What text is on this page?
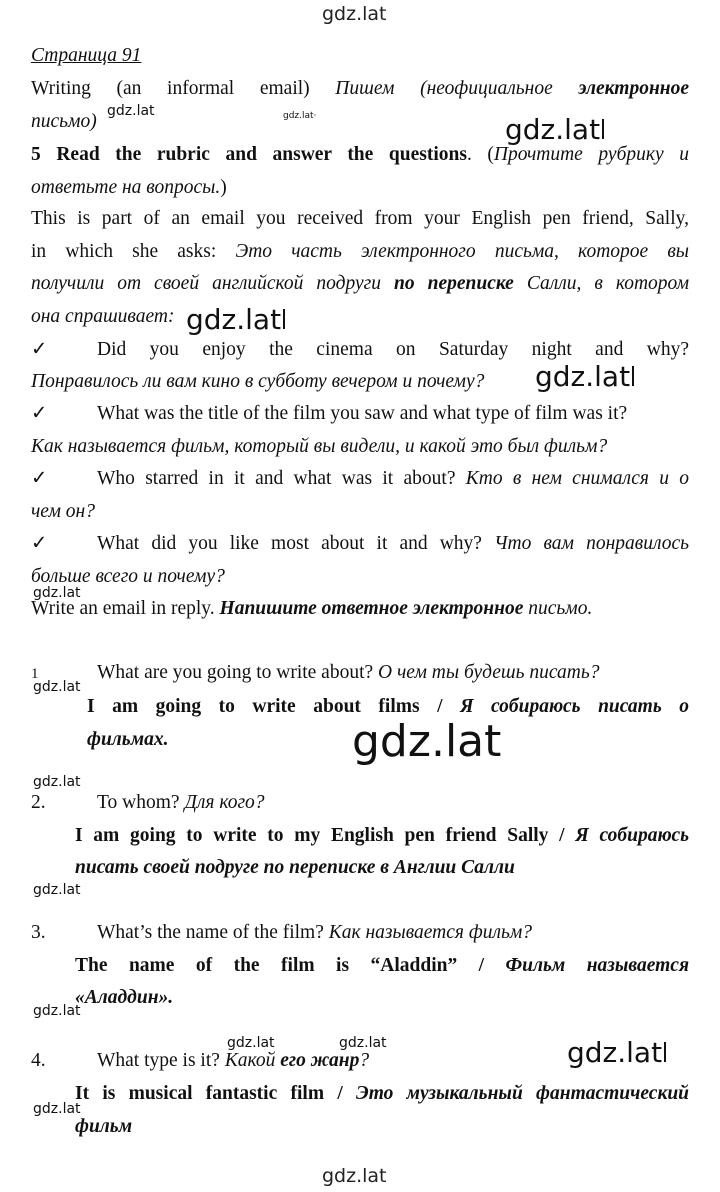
gdz.lat
gdz.lat	gdz.lat·	gdz.lat
gdz.lat
gdz.lat
gdz.lat
gdz.lat
gdz.lat
gdz.lat
gdz.lat
gdz.lat
gdz.lat	gdz.lat	gdz.lat
gdz.lat
gdz.lat
Страница 91
Writing (an informal email) Пишем (неофициальное электронное
письмо)
5 Read the rubric and answer the questions. (Прочтите рубрику и
ответьте на вопросы.)
This is part of an email you received from your English pen friend, Sally,
in which she asks: Это часть электронного письма, которое вы
получили от своей английской подруги по переписке Салли, в котором
она спрашивает:
✓	Did you enjoy the cinema on Saturday night and why?
Понравилось ли вам кино в субботу вечером и почему?
✓	What was the title of the film you saw and what type of film was it?
Как называется фильм, который вы видели, и какой это был фильм?
✓	Who starred in it and what was it about? Кто в нем снимался и о
чем он?
✓	What did you like most about it and why? Что вам понравилось
больше всего и почему?
Write an email in reply. Напишите ответное электронное письмо.
1	What are you going to write about? О чем ты будешь писать?
I am going to write about films / Я собираюсь писать о
фильмах.
2.	To whom? Для кого?
I am going to write to my English pen friend Sally / Я собираюсь
писать своей подруге по переписке в Англии Салли
3.	What’s the name of the film? Как называется фильм?
The name of the film is “Aladdin” / Фильм называется
«Аладдин».
4.	What type is it? Какой его жанр?
It is musical fantastic film / Это музыкальный фантастический
фильм
